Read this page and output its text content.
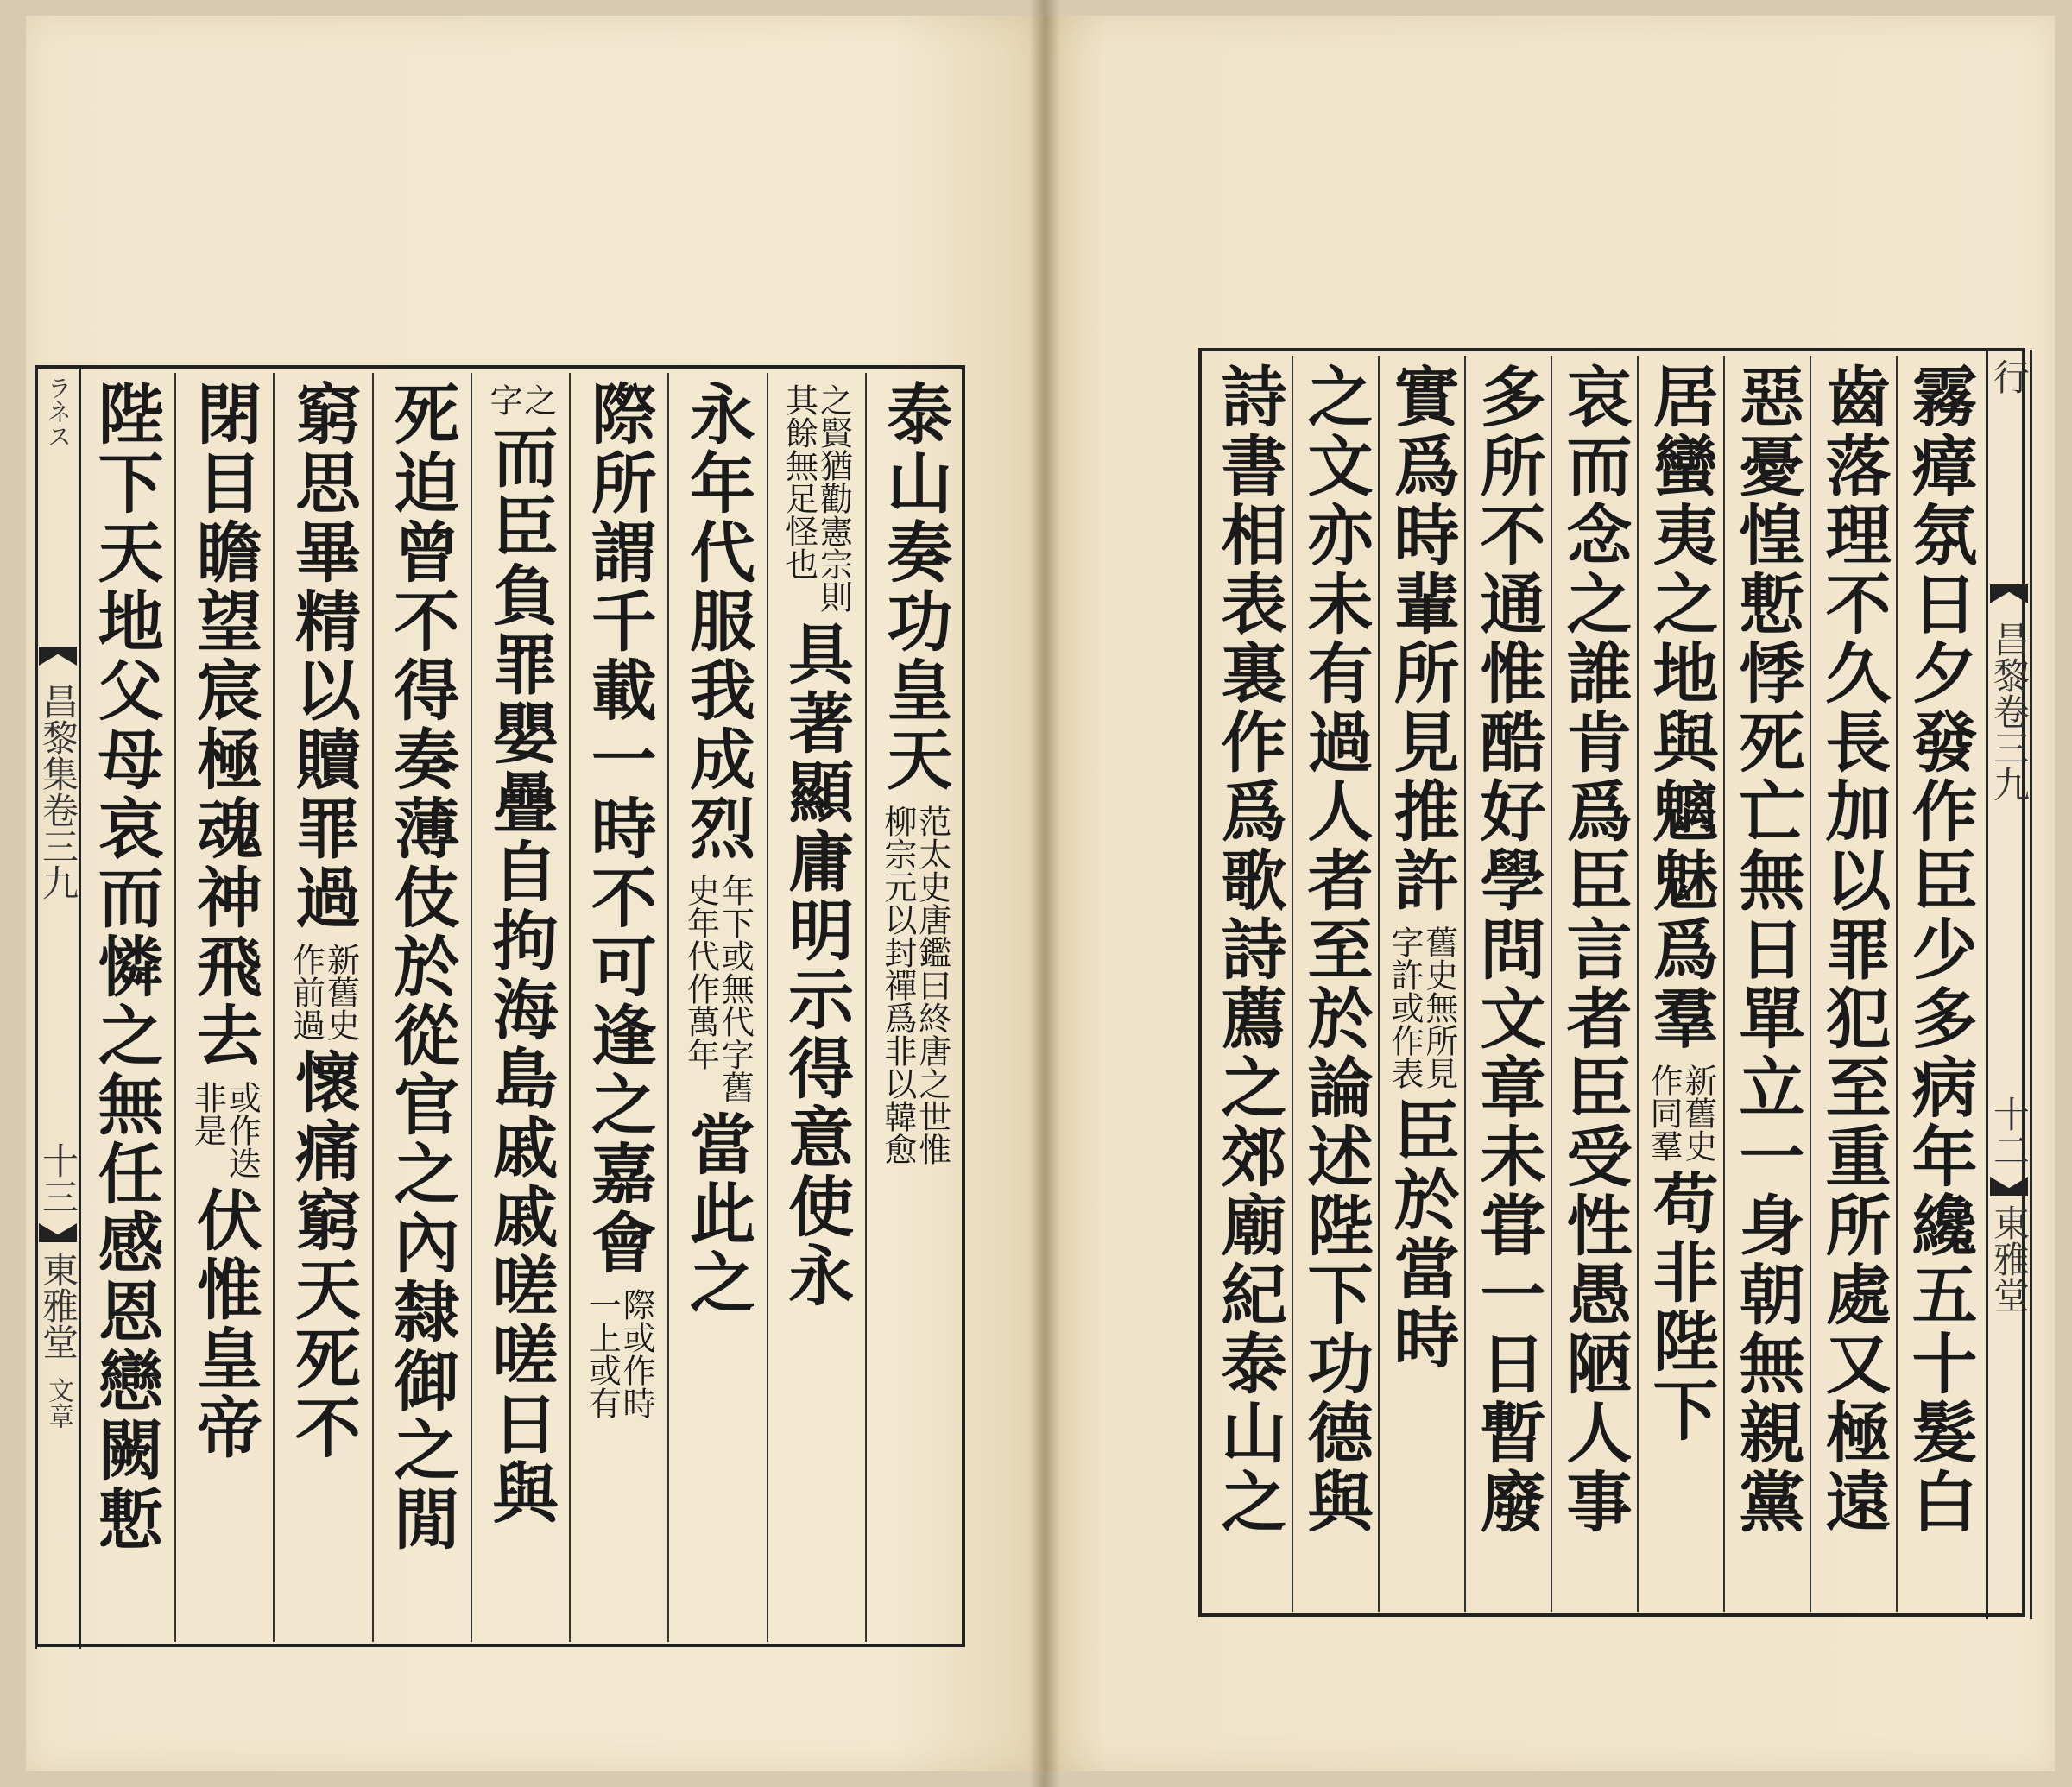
ラネス
昌黎集卷三九
十三
東雅堂
文章
行
昌黎卷三九
十二
東雅堂
泰山奏功皇天
范太史唐鑑曰終唐之世惟
柳宗元以封禪爲非以韓愈
之賢猶勸憲宗則
其餘無足怪也
具著顯庸明示得意使永
永年代服我成烈
年下或無代字舊
史年代作萬年
當此之
際所謂千載一時不可逢之嘉會
際或作時
一上或有
之
字
而臣負罪嬰疊自拘海島戚戚嗟嗟日與
死迫曾不得奏薄伎於從官之內隸御之閒
窮思畢精以贖罪過
新舊史
作前過
懷痛窮天死不
閉目瞻望宸極魂神飛去
或作迭
非是
伏惟皇帝
陛下天地父母哀而憐之無任感恩戀闕慙	霧瘴氛日夕發作臣少多病年纔五十髮白
齒落理不久長加以罪犯至重所處又極遠
惡憂惶慙悸死亡無日單立一身朝無親黨
居蠻夷之地與魑魅爲羣
新舊史
作同羣
苟非陛下
哀而念之誰肯爲臣言者臣受性愚陋人事
多所不通惟酷好學問文章未甞一日暫廢
實爲時輩所見推許
舊史無所見
字許或作表
臣於當時
之文亦未有過人者至於論述陛下功德與
詩書相表裏作爲歌詩薦之郊廟紀泰山之
